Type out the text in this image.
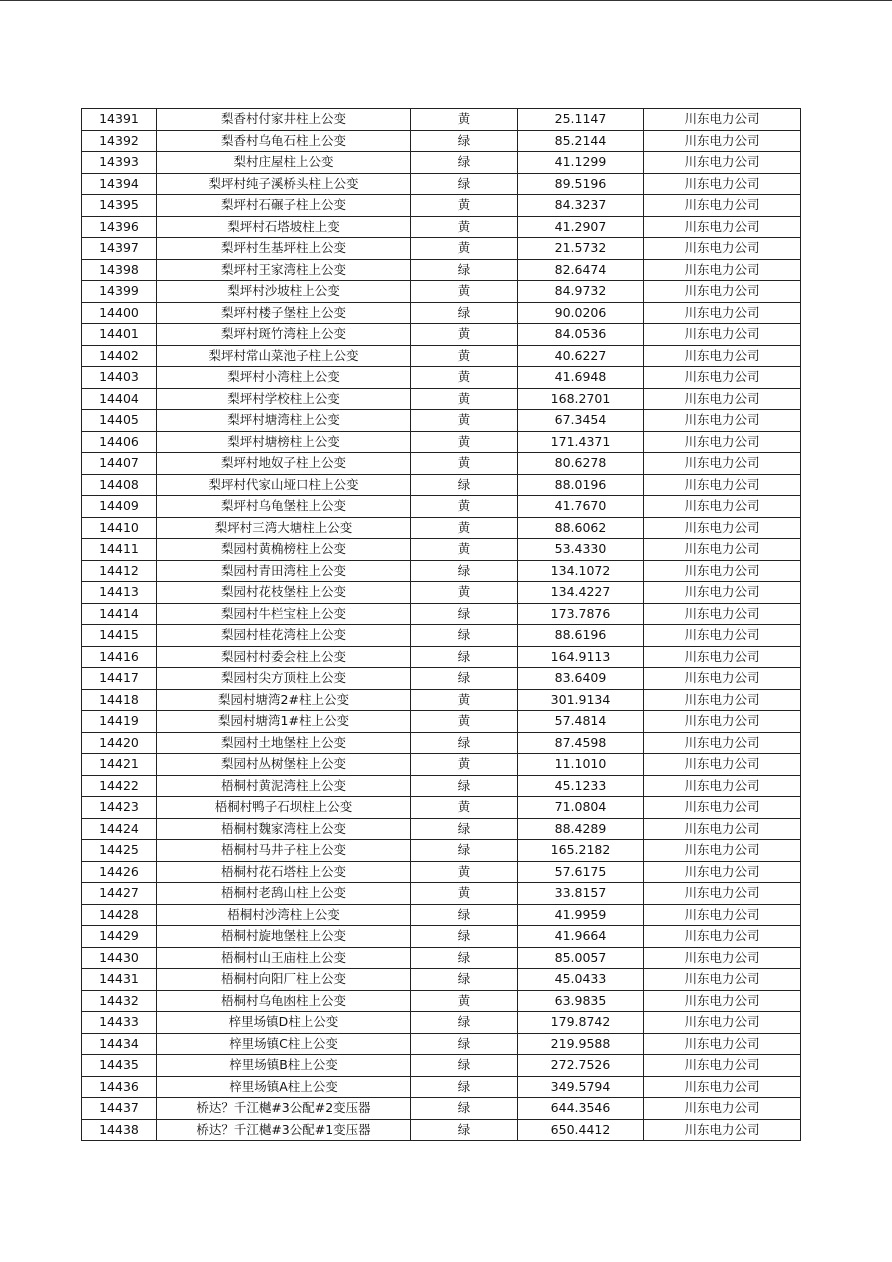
14391	梨香村付家井柱上公变	黄	25.1147	川东电力公司
14392	梨香村乌龟石柱上公变	绿	85.2144	川东电力公司
14393	梨村庄屋柱上公变	绿	41.1299	川东电力公司
14394	梨坪村纯子溪桥头柱上公变	绿	89.5196	川东电力公司
14395	梨坪村石碾子柱上公变	黄	84.3237	川东电力公司
14396	梨坪村石塔坡柱上变	黄	41.2907	川东电力公司
14397	梨坪村生基坪柱上公变	黄	21.5732	川东电力公司
14398	梨坪村王家湾柱上公变	绿	82.6474	川东电力公司
14399	梨坪村沙坡柱上公变	黄	84.9732	川东电力公司
14400	梨坪村楼子堡柱上公变	绿	90.0206	川东电力公司
14401	梨坪村斑竹湾柱上公变	黄	84.0536	川东电力公司
14402	梨坪村常山菜池子柱上公变	黄	40.6227	川东电力公司
14403	梨坪村小湾柱上公变	黄	41.6948	川东电力公司
14404	梨坪村学校柱上公变	黄	168.2701	川东电力公司
14405	梨坪村塘湾柱上公变	黄	67.3454	川东电力公司
14406	梨坪村塘榜柱上公变	黄	171.4371	川东电力公司
14407	梨坪村地奴子柱上公变	黄	80.6278	川东电力公司
14408	梨坪村代家山垭口柱上公变	绿	88.0196	川东电力公司
14409	梨坪村乌龟堡柱上公变	黄	41.7670	川东电力公司
14410	梨坪村三湾大塘柱上公变	黄	88.6062	川东电力公司
14411	梨园村黄桷榜柱上公变	黄	53.4330	川东电力公司
14412	梨园村青田湾柱上公变	绿	134.1072	川东电力公司
14413	梨园村花枝堡柱上公变	黄	134.4227	川东电力公司
14414	梨园村牛栏宝柱上公变	绿	173.7876	川东电力公司
14415	梨园村桂花湾柱上公变	绿	88.6196	川东电力公司
14416	梨园村村委会柱上公变	绿	164.9113	川东电力公司
14417	梨园村尖方顶柱上公变	绿	83.6409	川东电力公司
14418	梨园村塘湾2#柱上公变	黄	301.9134	川东电力公司
14419	梨园村塘湾1#柱上公变	黄	57.4814	川东电力公司
14420	梨园村土地堡柱上公变	绿	87.4598	川东电力公司
14421	梨园村丛树堡柱上公变	黄	11.1010	川东电力公司
14422	梧桐村黄泥湾柱上公变	绿	45.1233	川东电力公司
14423	梧桐村鸭子石坝柱上公变	黄	71.0804	川东电力公司
14424	梧桐村魏家湾柱上公变	绿	88.4289	川东电力公司
14425	梧桐村马井子柱上公变	绿	165.2182	川东电力公司
14426	梧桐村花石塔柱上公变	黄	57.6175	川东电力公司
14427	梧桐村老鸹山柱上公变	黄	33.8157	川东电力公司
14428	梧桐村沙湾柱上公变	绿	41.9959	川东电力公司
14429	梧桐村旋地堡柱上公变	绿	41.9664	川东电力公司
14430	梧桐村山王庙柱上公变	绿	85.0057	川东电力公司
14431	梧桐村向阳厂柱上公变	绿	45.0433	川东电力公司
14432	梧桐村乌龟凼柱上公变	黄	63.9835	川东电力公司
14433	梓里场镇D柱上公变	绿	179.8742	川东电力公司
14434	梓里场镇C柱上公变	绿	219.9588	川东电力公司
14435	梓里场镇B柱上公变	绿	272.7526	川东电力公司
14436	梓里场镇A柱上公变	绿	349.5794	川东电力公司
14437	桥达？千江樾#3公配#2变压器	绿	644.3546	川东电力公司
14438	桥达？千江樾#3公配#1变压器	绿	650.4412	川东电力公司
